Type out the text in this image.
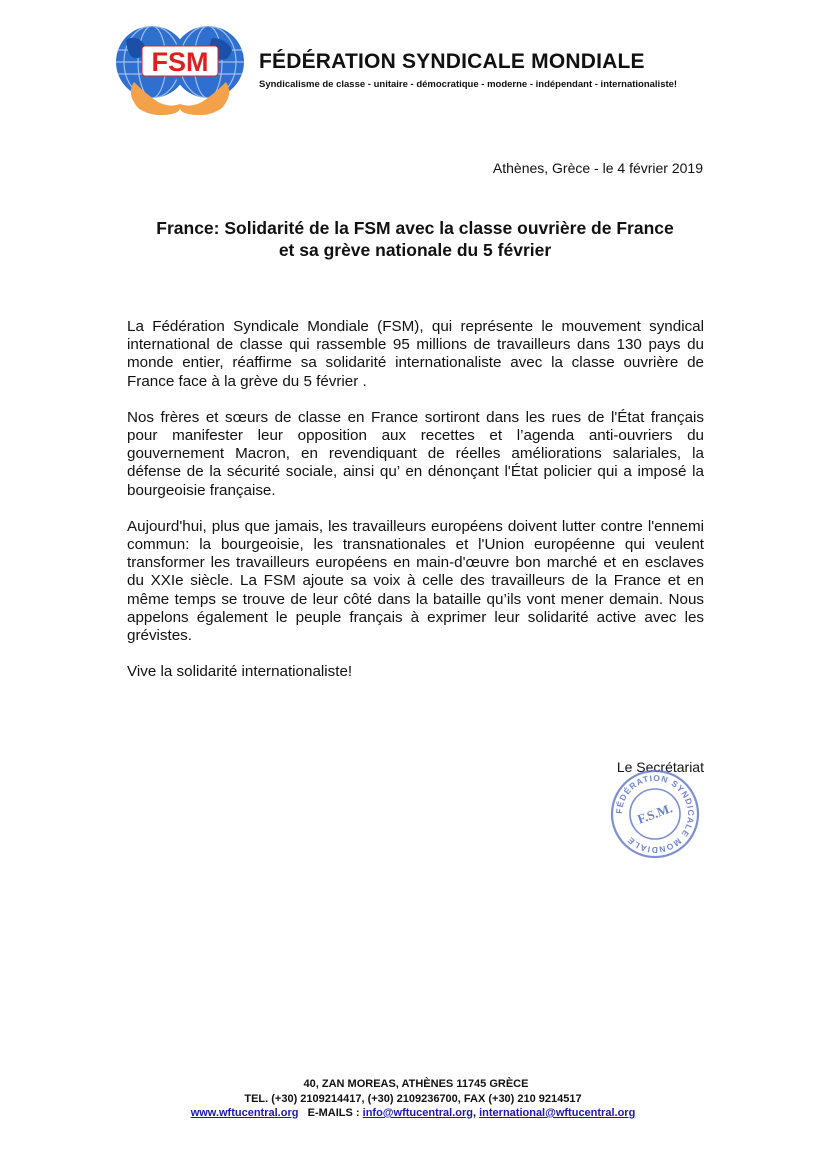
FSM FÉDÉRATION SYNDICALE MONDIALE
Syndicalisme de classe - unitaire - démocratique - moderne - indépendant - internationaliste!
Athènes, Grèce - le 4 février 2019
France: Solidarité de la FSM avec la classe ouvrière de France
et sa grève nationale du 5 février

La Fédération Syndicale Mondiale (FSM), qui représente le mouvement syndical international de classe qui rassemble 95 millions de travailleurs dans 130 pays du monde entier, réaffirme sa solidarité internationaliste avec la classe ouvrière de France face à la grève du 5 février .

Nos frères et sœurs de classe en France sortiront dans les rues de l'État français pour manifester leur opposition aux recettes et l’agenda anti-ouvriers du gouvernement Macron, en revendiquant de réelles améliorations salariales, la défense de la sécurité sociale, ainsi qu’ en dénonçant l'État policier qui a imposé la bourgeoisie française.

Aujourd'hui, plus que jamais, les travailleurs européens doivent lutter contre l'ennemi commun: la bourgeoisie, les transnationales et l'Union européenne qui veulent transformer les travailleurs européens en main-d'œuvre bon marché et en esclaves du XXIe siècle. La FSM ajoute sa voix à celle des travailleurs de la France et en même temps se trouve de leur côté dans la bataille qu’ils vont mener demain. Nous appelons également le peuple français à exprimer leur solidarité active avec les grévistes.

Vive la solidarité internationaliste!

Le Secrétariat
FÉDÉRATION SYNDICALE MONDIALE
F.S.M.
40, ZAN MOREAS, ATHÈNES 11745 GRÈCE
TEL. (+30) 2109214417, (+30) 2109236700, FAX (+30) 210 9214517
www.wftucentral.org E-MAILS : info@wftucentral.org, international@wftucentral.org
